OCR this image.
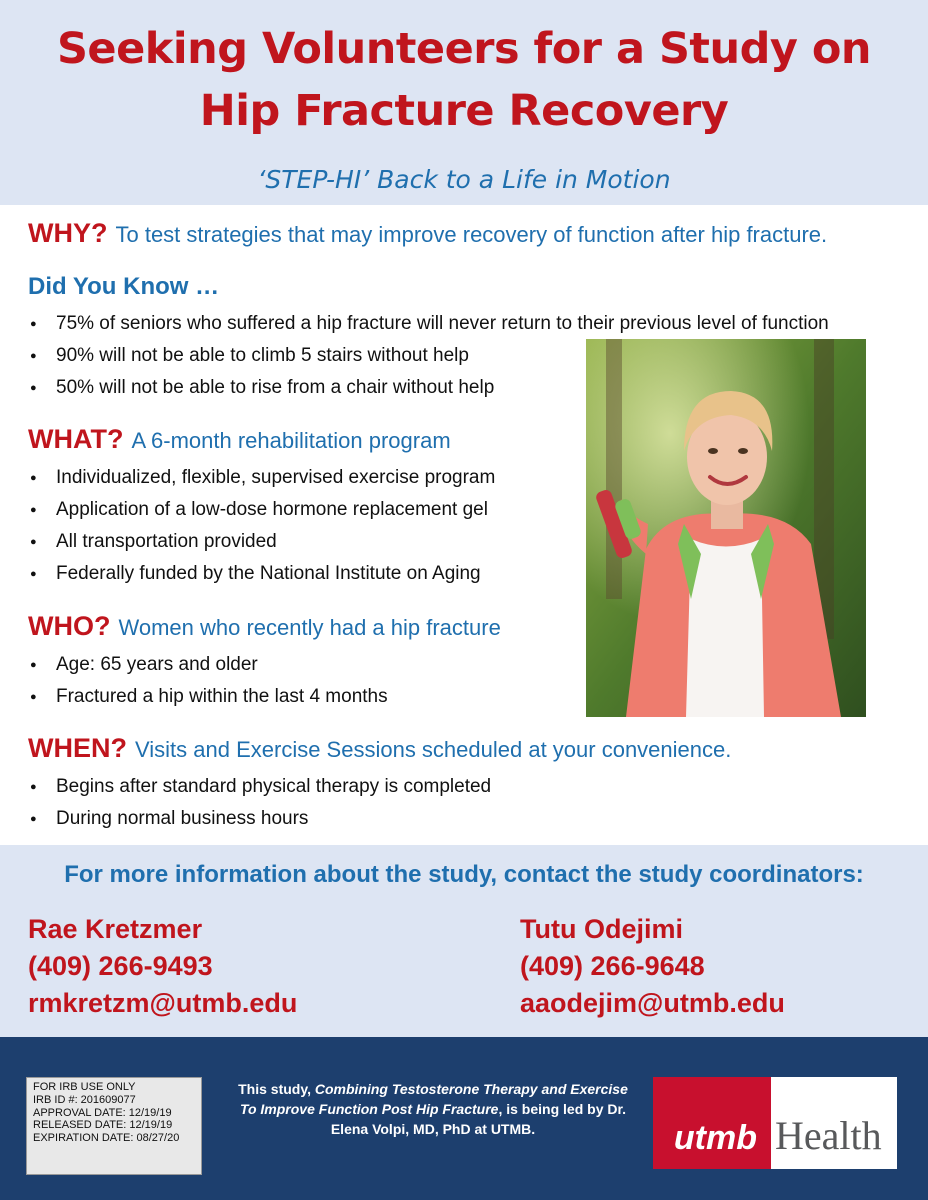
Seeking Volunteers for a Study on
Hip Fracture Recovery
‘STEP-HI’ Back to a Life in Motion
WHY? To test strategies that may improve recovery of function after hip fracture.
Did You Know …
● 75% of seniors who suffered a hip fracture will never return to their previous level of function
● 90% will not be able to climb 5 stairs without help
● 50% will not be able to rise from a chair without help
WHAT? A 6-month rehabilitation program
● Individualized, flexible, supervised exercise program
● Application of a low-dose hormone replacement gel
● All transportation provided
● Federally funded by the National Institute on Aging
WHO? Women who recently had a hip fracture
● Age: 65 years and older
● Fractured a hip within the last 4 months
WHEN? Visits and Exercise Sessions scheduled at your convenience.
● Begins after standard physical therapy is completed
● During normal business hours
For more information about the study, contact the study coordinators:
Rae Kretzmer
(409) 266-9493
rmkretzm@utmb.edu
Tutu Odejimi
(409) 266-9648
aaodejim@utmb.edu
FOR IRB USE ONLY
IRB ID #: 201609077
APPROVAL DATE: 12/19/19
RELEASED DATE: 12/19/19
EXPIRATION DATE: 08/27/20
This study, Combining Testosterone Therapy and Exercise To Improve Function Post Hip Fracture, is being led by Dr. Elena Volpi, MD, PhD at UTMB.	utmb Health
